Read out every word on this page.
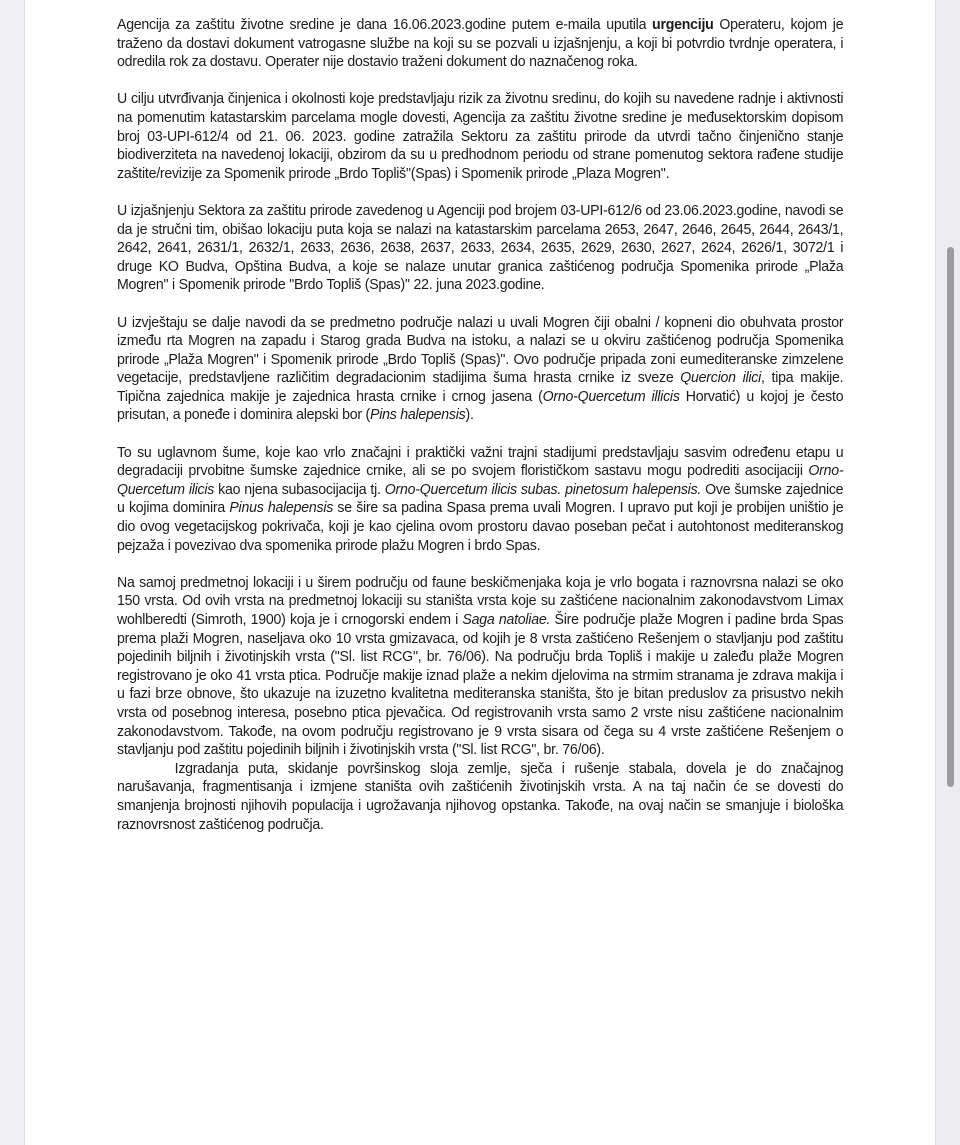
Agencija za zaštitu životne sredine je dana 16.06.2023.godine putem e-maila uputila urgenciju Operateru, kojom je traženo da dostavi dokument vatrogasne službe na koji su se pozvali u izjašnjenju, a koji bi potvrdio tvrdnje operatera, i odredila rok za dostavu. Operater nije dostavio traženi dokument do naznačenog roka.

U cilju utvrđivanja činjenica i okolnosti koje predstavljaju rizik za životnu sredinu, do kojih su navedene radnje i aktivnosti na pomenutim katastarskim parcelama mogle dovesti, Agencija za zaštitu životne sredine je međusektorskim dopisom broj 03-UPI-612/4 od 21. 06. 2023. godine zatražila Sektoru za zaštitu prirode da utvrdi tačno činjenično stanje biodiverziteta na navedenoj lokaciji, obzirom da su u predhodnom periodu od strane pomenutog sektora rađene studije zaštite/revizije za Spomenik prirode „Brdo Topliš"(Spas) i Spomenik prirode „Plaza Mogren".

U izjašnjenju Sektora za zaštitu prirode zavedenog u Agenciji pod brojem 03-UPI-612/6 od 23.06.2023.godine, navodi se da je stručni tim, obišao lokaciju puta koja se nalazi na katastarskim parcelama 2653, 2647, 2646, 2645, 2644, 2643/1, 2642, 2641, 2631/1, 2632/1, 2633, 2636, 2638, 2637, 2633, 2634, 2635, 2629, 2630, 2627, 2624, 2626/1, 3072/1 i druge KO Budva, Opština Budva, a koje se nalaze unutar granica zaštićenog područja Spomenika prirode „Plaža Mogren" i Spomenik prirode "Brdo Topliš (Spas)" 22. juna 2023.godine.

U izvještaju se dalje navodi da se predmetno područje nalazi u uvali Mogren čiji obalni / kopneni dio obuhvata prostor između rta Mogren na zapadu i Starog grada Budva na istoku, a nalazi se u okviru zaštićenog područja Spomenika prirode „Plaža Mogren" i Spomenik prirode „Brdo Topliš (Spas)". Ovo područje pripada zoni eumediteranske zimzelene vegetacije, predstavljene različitim degradacionim stadijima šuma hrasta crnike iz sveze Quercion ilici, tipa makije. Tipična zajednica makije je zajednica hrasta crnike i crnog jasena (Orno-Quercetum illicis Horvatić) u kojoj je često prisutan, a poneđe i dominira alepski bor (Pins halepensis).

To su uglavnom šume, koje kao vrlo značajni i praktički važni trajni stadijumi predstavljaju sasvim određenu etapu u degradaciji prvobitne šumske zajednice crnike, ali se po svojem florističkom sastavu mogu podrediti asocijaciji Orno-Quercetum ilicis kao njena subasocijacija tj. Orno-Quercetum ilicis subas. pinetosum halepensis. Ove šumske zajednice u kojima dominira Pinus halepensis se šire sa padina Spasa prema uvali Mogren. I upravo put koji je probijen uništio je dio ovog vegetacijskog pokrivača, koji je kao cjelina ovom prostoru davao poseban pečat i autohtonost mediteranskog pejzaža i povezivao dva spomenika prirode plažu Mogren i brdo Spas.

Na samoj predmetnoj lokaciji i u širem području od faune beskičmenjaka koja je vrlo bogata i raznovrsna nalazi se oko 150 vrsta. Od ovih vrsta na predmetnoj lokaciji su staništa vrsta koje su zaštićene nacionalnim zakonodavstvom Limax wohlberedti (Simroth, 1900) koja je i crnogorski endem i Saga natoliae. Šire područje plaže Mogren i padine brda Spas prema plaži Mogren, naseljava oko 10 vrsta gmizavaca, od kojih je 8 vrsta zaštićeno Rešenjem o stavljanju pod zaštitu pojedinih biljnih i životinjskih vrsta ("Sl. list RCG", br. 76/06). Na području brda Topliš i makije u zaleđu plaže Mogren registrovano je oko 41 vrsta ptica. Područje makije iznad plaže a nekim djelovima na strmim stranama je zdrava makija i u fazi brze obnove, što ukazuje na izuzetno kvalitetna mediteranska staništa, što je bitan preduslov za prisustvo nekih vrsta od posebnog interesa, posebno ptica pjevačica. Od registrovanih vrsta samo 2 vrste nisu zaštićene nacionalnim zakonodavstvom. Takođe, na ovom području registrovano je 9 vrsta sisara od čega su 4 vrste zaštićene Rešenjem o stavljanju pod zaštitu pojedinih biljnih i životinjskih vrsta ("Sl. list RCG", br. 76/06).

Izgradanja puta, skidanje površinskog sloja zemlje, sječa i rušenje stabala, dovela je do značajnog narušavanja, fragmentisanja i izmjene staništa ovih zaštićenih životinjskih vrsta. A na taj način će se dovesti do smanjenja brojnosti njihovih populacija i ugrožavanja njihovog opstanka. Takođe, na ovaj način se smanjuje i biološka raznovrsnost zaštićenog područja.
